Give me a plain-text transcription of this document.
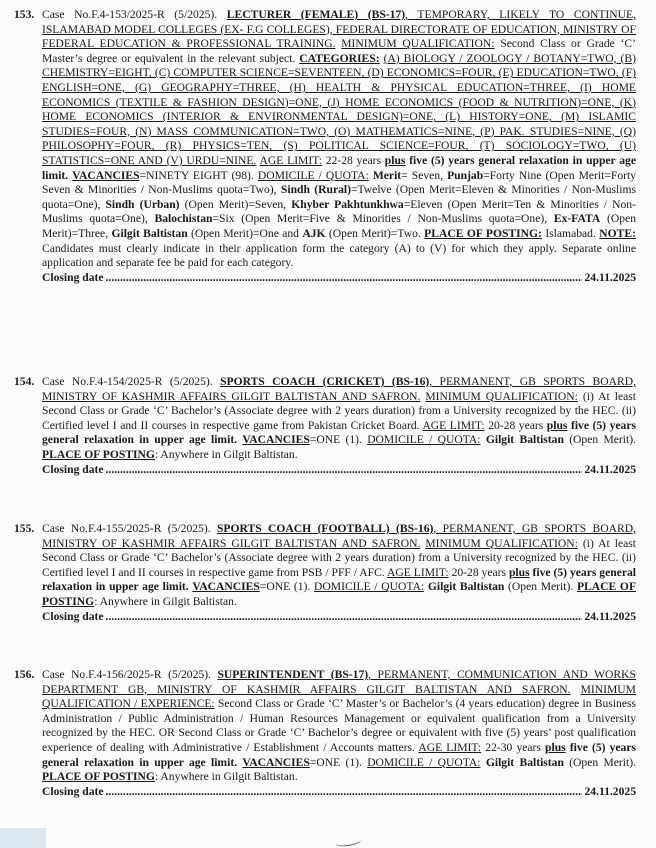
153. Case No.F.4-153/2025-R (5/2025). LECTURER (FEMALE) (BS-17), TEMPORARY, LIKELY TO CONTINUE, ISLAMABAD MODEL COLLEGES (EX- F.G COLLEGES), FEDERAL DIRECTORATE OF EDUCATION, MINISTRY OF FEDERAL EDUCATION & PROFESSIONAL TRAINING. MINIMUM QUALIFICATION: Second Class or Grade ‘C’ Master’s degree or equivalent in the relevant subject. CATEGORIES: (A) BIOLOGY / ZOOLOGY / BOTANY=TWO, (B) CHEMISTRY=EIGHT, (C) COMPUTER SCIENCE=SEVENTEEN, (D) ECONOMICS=FOUR, (E) EDUCATION=TWO, (F) ENGLISH=ONE, (G) GEOGRAPHY=THREE, (H) HEALTH & PHYSICAL EDUCATION=THREE, (I) HOME ECONOMICS (TEXTILE & FASHION DESIGN)=ONE, (J) HOME ECONOMICS (FOOD & NUTRITION)=ONE, (K) HOME ECONOMICS (INTERIOR & ENVIRONMENTAL DESIGN)=ONE, (L) HISTORY=ONE, (M) ISLAMIC STUDIES=FOUR, (N) MASS COMMUNICATION=TWO, (O) MATHEMATICS=NINE, (P) PAK. STUDIES=NINE, (Q) PHILOSOPHY=FOUR, (R) PHYSICS=TEN, (S) POLITICAL SCIENCE=FOUR, (T) SOCIOLOGY=TWO, (U) STATISTICS=ONE AND (V) URDU=NINE. AGE LIMIT: 22-28 years plus five (5) years general relaxation in upper age limit. VACANCIES=NINETY EIGHT (98). DOMICILE / QUOTA: Merit= Seven, Punjab=Forty Nine (Open Merit=Forty Seven & Minorities / Non-Muslims quota=Two), Sindh (Rural)=Twelve (Open Merit=Eleven & Minorities / Non-Muslims quota=One), Sindh (Urban) (Open Merit)=Seven, Khyber Pakhtunkhwa=Eleven (Open Merit=Ten & Minorities / Non-Muslims quota=One), Balochistan=Six (Open Merit=Five & Minorities / Non-Muslims quota=One), Ex-FATA (Open Merit)=Three, Gilgit Baltistan (Open Merit)=One and AJK (Open Merit)=Two. PLACE OF POSTING: Islamabad. NOTE: Candidates must clearly indicate in their application form the category (A) to (V) for which they apply. Separate online application and separate fee be paid for each category.
Closing date .....	24.11.2025
154. Case No.F.4-154/2025-R (5/2025). SPORTS COACH (CRICKET) (BS-16), PERMANENT, GB SPORTS BOARD, MINISTRY OF KASHMIR AFFAIRS GILGIT BALTISTAN AND SAFRON. MINIMUM QUALIFICATION: (i) At least Second Class or Grade ‘C’ Bachelor’s (Associate degree with 2 years duration) from a University recognized by the HEC. (ii) Certified level I and II courses in respective game from Pakistan Cricket Board. AGE LIMIT: 20-28 years plus five (5) years general relaxation in upper age limit. VACANCIES=ONE (1). DOMICILE / QUOTA: Gilgit Baltistan (Open Merit). PLACE OF POSTING: Anywhere in Gilgit Baltistan.
Closing date .....	24.11.2025
155. Case No.F.4-155/2025-R (5/2025). SPORTS COACH (FOOTBALL) (BS-16), PERMANENT, GB SPORTS BOARD, MINISTRY OF KASHMIR AFFAIRS GILGIT BALTISTAN AND SAFRON. MINIMUM QUALIFICATION: (i) At least Second Class or Grade ‘C’ Bachelor’s (Associate degree with 2 years duration) from a University recognized by the HEC. (ii) Certified level I and II courses in respective game from PSB / PFF / AFC. AGE LIMIT: 20-28 years plus five (5) years general relaxation in upper age limit. VACANCIES=ONE (1). DOMICILE / QUOTA: Gilgit Baltistan (Open Merit). PLACE OF POSTING: Anywhere in Gilgit Baltistan.
Closing date .....	24.11.2025
156. Case No.F.4-156/2025-R (5/2025). SUPERINTENDENT (BS-17), PERMANENT, COMMUNICATION AND WORKS DEPARTMENT GB, MINISTRY OF KASHMIR AFFAIRS GILGIT BALTISTAN AND SAFRON. MINIMUM QUALIFICATION / EXPERIENCE: Second Class or Grade ‘C’ Master’s or Bachelor’s (4 years education) degree in Business Administration / Public Administration / Human Resources Management or equivalent qualification from a University recognized by the HEC. OR Second Class or Grade ‘C’ Bachelor’s degree or equivalent with five (5) years’ post qualification experience of dealing with Administrative / Establishment / Accounts matters. AGE LIMIT: 22-30 years plus five (5) years general relaxation in upper age limit. VACANCIES=ONE (1). DOMICILE / QUOTA: Gilgit Baltistan (Open Merit). PLACE OF POSTING: Anywhere in Gilgit Baltistan.
Closing date .....	24.11.2025
